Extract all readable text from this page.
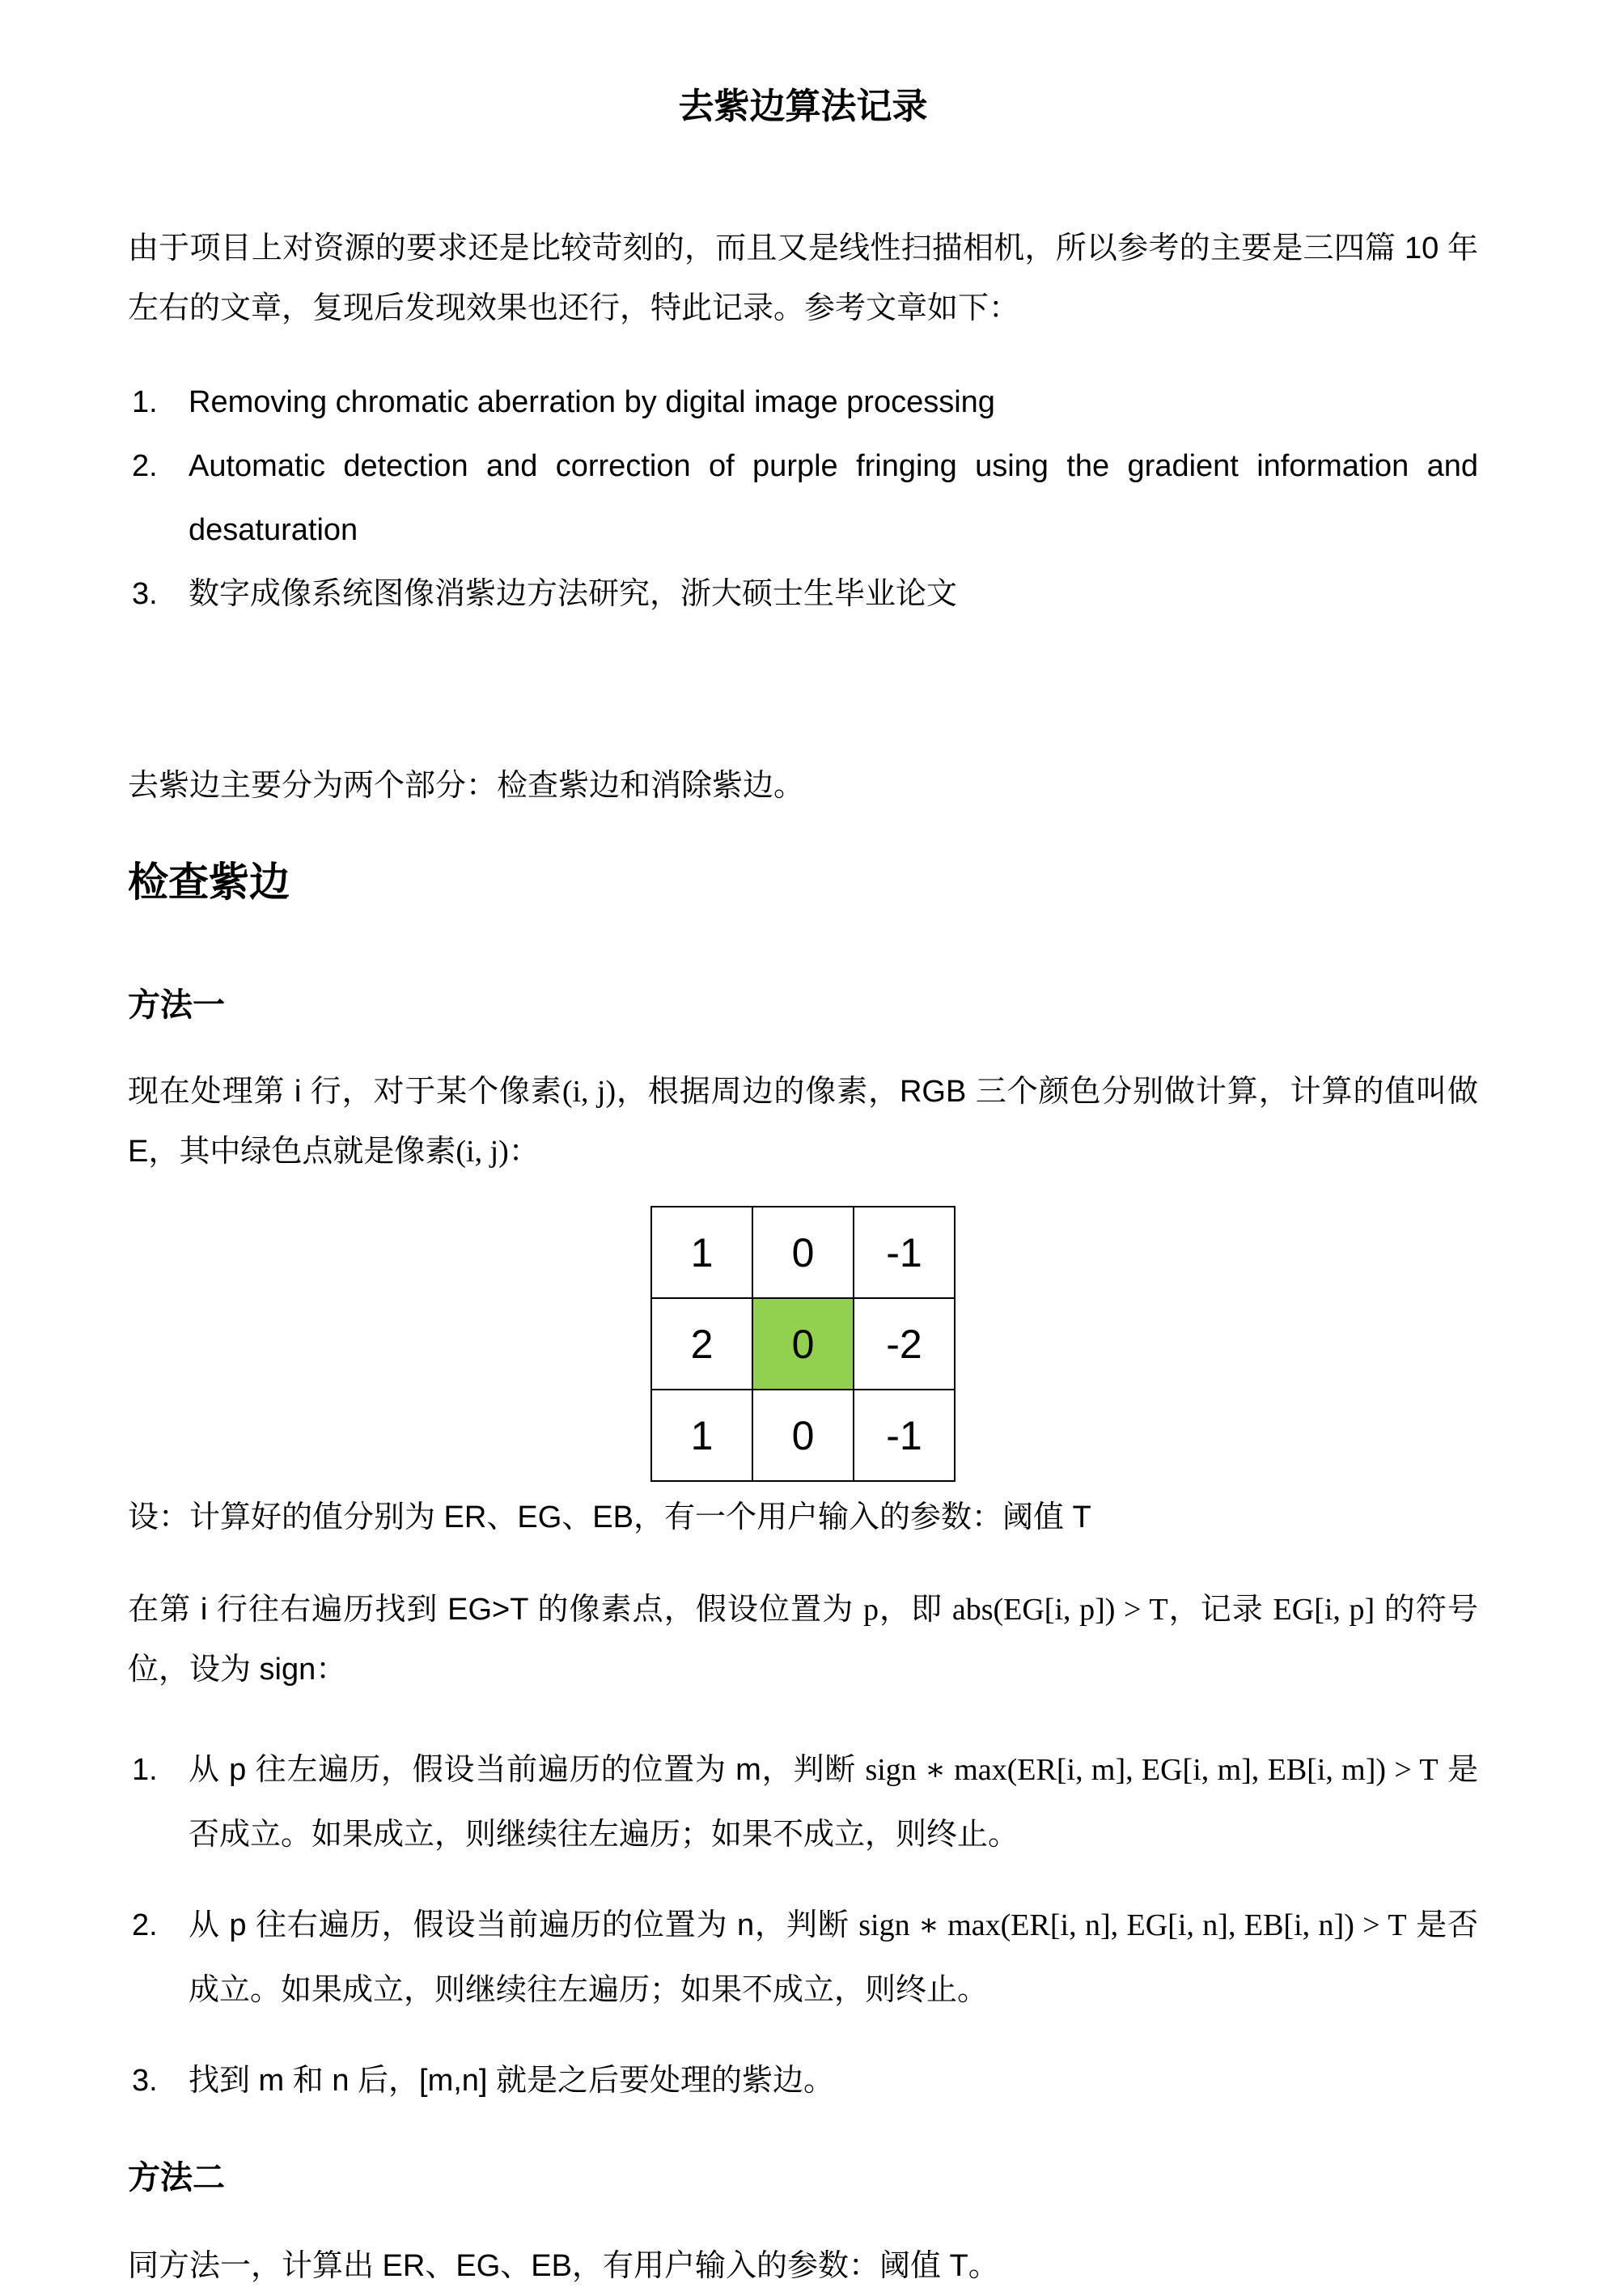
去紫边算法记录

由于项目上对资源的要求还是比较苛刻的，而且又是线性扫描相机，所以参考的主要是三四篇 10 年左右的文章，复现后发现效果也还行，特此记录。参考文章如下：

1.	Removing chromatic aberration by digital image processing
2.	Automatic detection and correction of purple fringing using the gradient information and desaturation
3.	数字成像系统图像消紫边方法研究，浙大硕士生毕业论文

去紫边主要分为两个部分：检查紫边和消除紫边。

检查紫边
方法一

现在处理第 i 行，对于某个像素(i, j)，根据周边的像素，RGB 三个颜色分别做计算，计算的值叫做 E，其中绿色点就是像素(i, j)：

1	0	-1
2	0	-2
1	0	-1

设：计算好的值分别为 ER、EG、EB，有一个用户输入的参数：阈值 T

在第 i 行往右遍历找到 EG>T 的像素点，假设位置为 p，即 abs(EG[i, p]) > T，记录 EG[i, p] 的符号位，设为 sign：

1.	从 p 往左遍历，假设当前遍历的位置为 m，判断 sign ∗ max(ER[i, m], EG[i, m], EB[i, m]) > T 是否成立。如果成立，则继续往左遍历；如果不成立，则终止。
2.	从 p 往右遍历，假设当前遍历的位置为 n，判断 sign ∗ max(ER[i, n], EG[i, n], EB[i, n]) > T 是否成立。如果成立，则继续往左遍历；如果不成立，则终止。
3.	找到 m 和 n 后，[m,n] 就是之后要处理的紫边。
方法二

同方法一，计算出 ER、EG、EB，有用户输入的参数：阈值 T。
